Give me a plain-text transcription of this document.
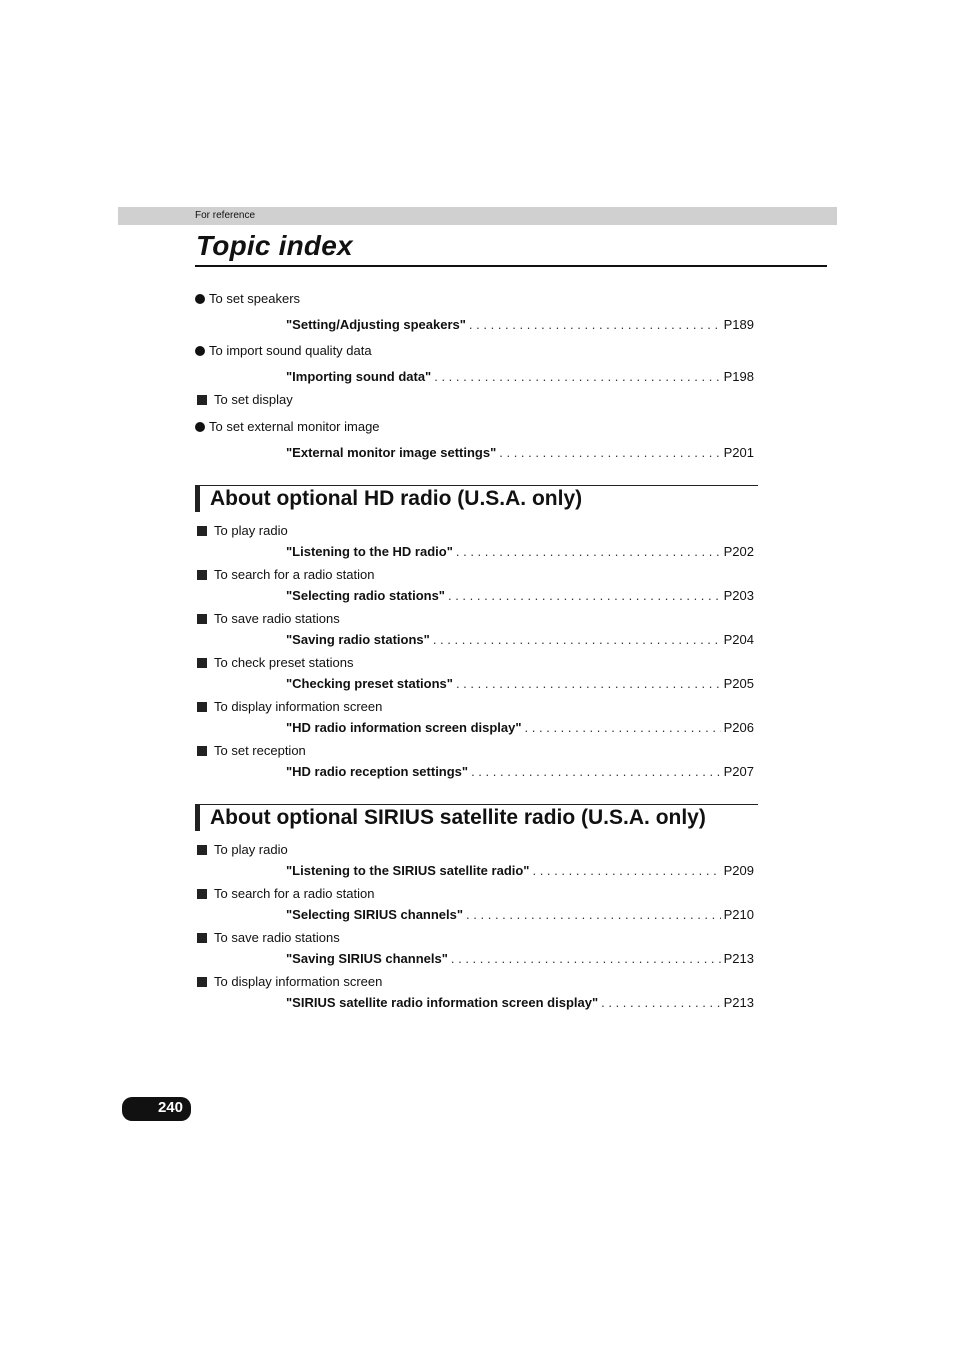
For reference
Topic index
To set speakers
"Setting/Adjusting speakers" . . .	P189
To import sound quality data
"Importing sound data" . . .	P198
To set display
To set external monitor image
"External monitor image settings" . . .	P201
About optional HD radio (U.S.A. only)
To play radio
"Listening to the HD radio" . . .	P202
To search for a radio station
"Selecting radio stations" . . .	P203
To save radio stations
"Saving radio stations" . . .	P204
To check preset stations
"Checking preset stations" . . .	P205
To display information screen
"HD radio information screen display" . . .	P206
To set reception
"HD radio reception settings" . . .	P207
About optional SIRIUS satellite radio (U.S.A. only)
To play radio
"Listening to the SIRIUS satellite radio" . . .	P209
To search for a radio station
"Selecting SIRIUS channels" . . .	P210
To save radio stations
"Saving SIRIUS channels" . . .	P213
To display information screen
"SIRIUS satellite radio information screen display" . . .	P213
240
